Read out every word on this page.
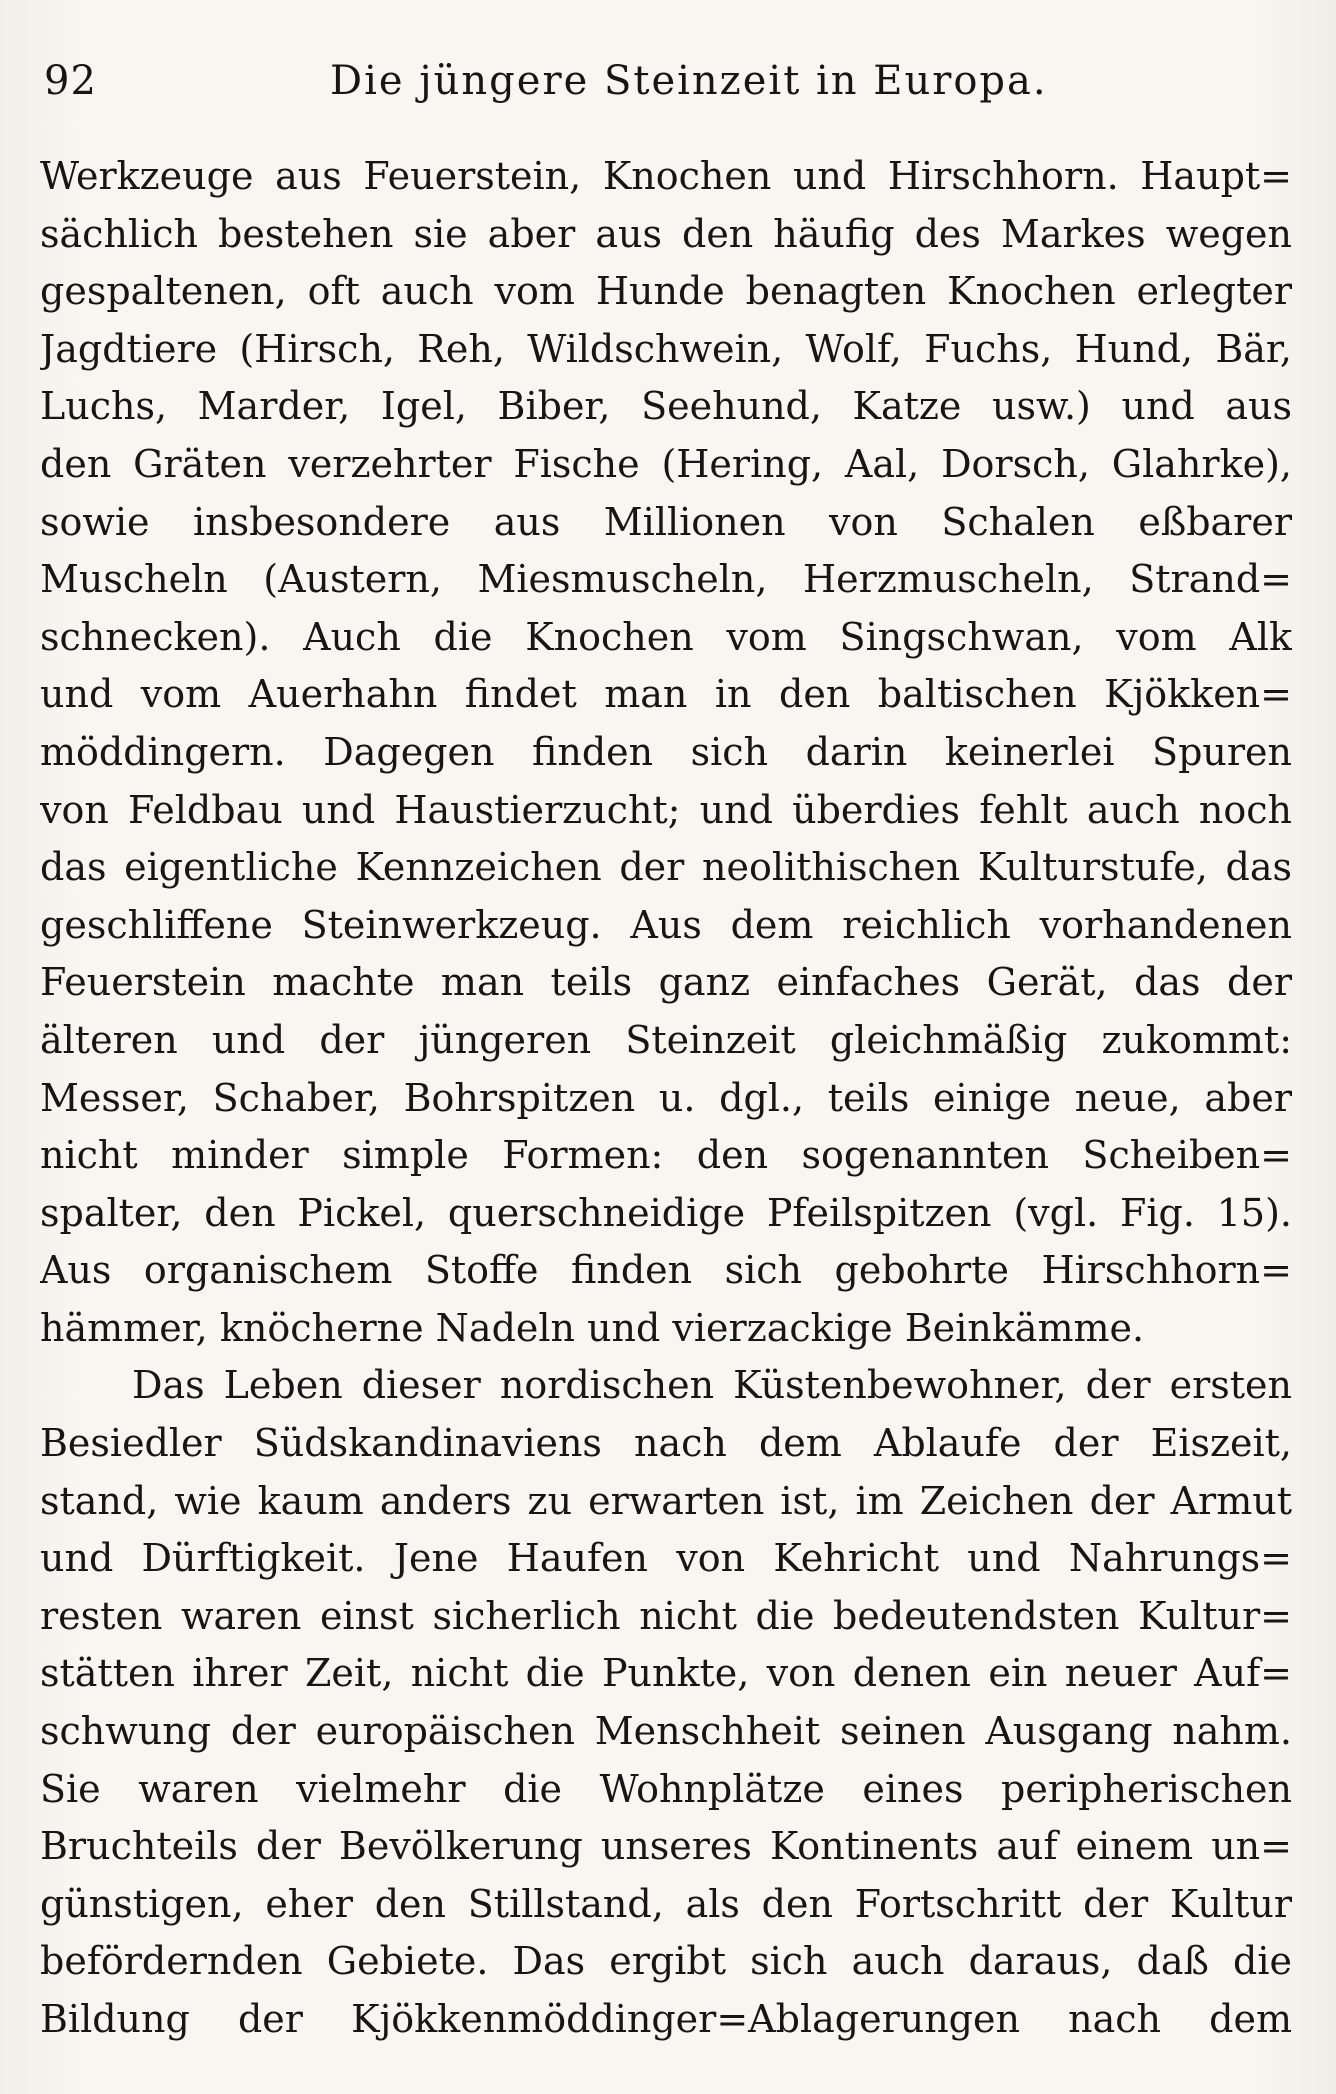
92	Die jüngere Steinzeit in Europa.
Werkzeuge aus Feuerstein, Knochen und Hirschhorn. Haupt=
sächlich bestehen sie aber aus den häufig des Markes wegen
gespaltenen, oft auch vom Hunde benagten Knochen erlegter
Jagdtiere (Hirsch, Reh, Wildschwein, Wolf, Fuchs, Hund, Bär,
Luchs, Marder, Igel, Biber, Seehund, Katze usw.) und aus
den Gräten verzehrter Fische (Hering, Aal, Dorsch, Glahrke),
sowie insbesondere aus Millionen von Schalen eßbarer
Muscheln (Austern, Miesmuscheln, Herzmuscheln, Strand=
schnecken). Auch die Knochen vom Singschwan, vom Alk
und vom Auerhahn findet man in den baltischen Kjökken=
möddingern. Dagegen finden sich darin keinerlei Spuren
von Feldbau und Haustierzucht; und überdies fehlt auch noch
das eigentliche Kennzeichen der neolithischen Kulturstufe, das
geschliffene Steinwerkzeug. Aus dem reichlich vorhandenen
Feuerstein machte man teils ganz einfaches Gerät, das der
älteren und der jüngeren Steinzeit gleichmäßig zukommt:
Messer, Schaber, Bohrspitzen u. dgl., teils einige neue, aber
nicht minder simple Formen: den sogenannten Scheiben=
spalter, den Pickel, querschneidige Pfeilspitzen (vgl. Fig. 15).
Aus organischem Stoffe finden sich gebohrte Hirschhorn=
hämmer, knöcherne Nadeln und vierzackige Beinkämme.
Das Leben dieser nordischen Küstenbewohner, der ersten
Besiedler Südskandinaviens nach dem Ablaufe der Eiszeit,
stand, wie kaum anders zu erwarten ist, im Zeichen der Armut
und Dürftigkeit. Jene Haufen von Kehricht und Nahrungs=
resten waren einst sicherlich nicht die bedeutendsten Kultur=
stätten ihrer Zeit, nicht die Punkte, von denen ein neuer Auf=
schwung der europäischen Menschheit seinen Ausgang nahm.
Sie waren vielmehr die Wohnplätze eines peripherischen
Bruchteils der Bevölkerung unseres Kontinents auf einem un=
günstigen, eher den Stillstand, als den Fortschritt der Kultur
befördernden Gebiete. Das ergibt sich auch daraus, daß die
Bildung der Kjökkenmöddinger=Ablagerungen nach dem
